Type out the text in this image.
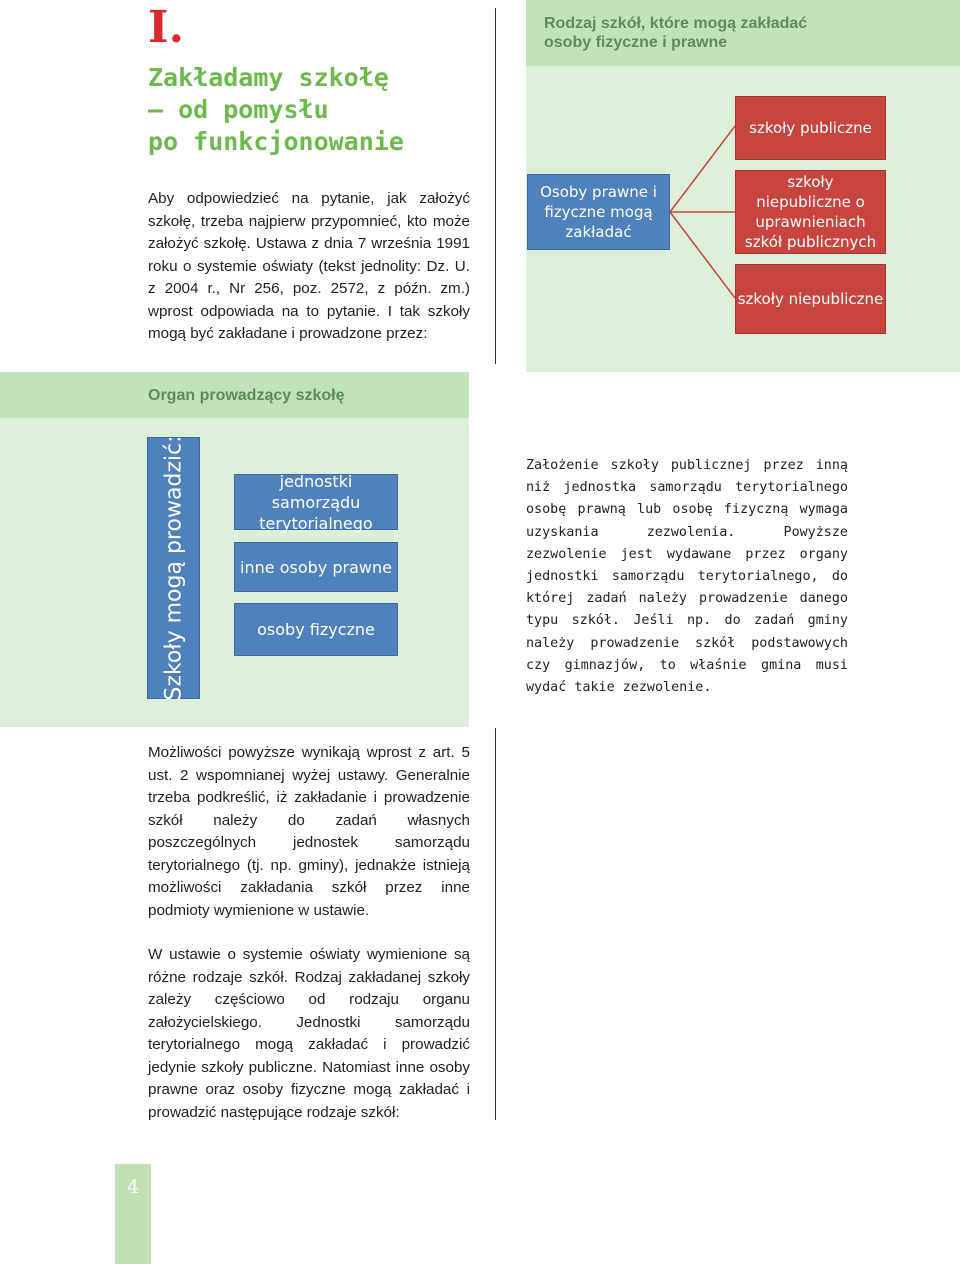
I.
Zakładamy szkołę
– od pomysłu
po funkcjonowanie
Aby odpowiedzieć na pytanie, jak założyć szkołę, trzeba najpierw przypomnieć, kto może założyć szkołę. Ustawa z dnia 7 września 1991 roku o systemie oświaty (tekst jednolity: Dz. U. z 2004 r., Nr 256, poz. 2572, z późn. zm.) wprost odpowiada na to pytanie. I tak szkoły mogą być zakładane i prowadzone przez:
Rodzaj szkół, które mogą zakładać
osoby fizyczne i prawne
Osoby prawne i fizyczne mogą zakładać
szkoły publiczne
szkoły niepubliczne o uprawnieniach szkół publicznych
szkoły niepubliczne
Organ prowadzący szkołę
Szkoły mogą prowadzić:	jednostki samorządu terytorialnego
inne osoby prawne
osoby fizyczne
Założenie szkoły publicznej przez inną niż jednostka samorządu terytorialnego osobę prawną lub osobę fizyczną wymaga uzyskania zezwolenia. Powyższe zezwolenie jest wydawane przez organy jednostki samorządu terytorialnego, do której zadań należy prowadzenie danego typu szkół. Jeśli np. do zadań gminy należy prowadzenie szkół podstawowych czy gimnazjów, to właśnie gmina musi wydać takie zezwolenie.
Możliwości powyższe wynikają wprost z art. 5 ust. 2 wspomnianej wyżej ustawy. Generalnie trzeba podkreślić, iż zakładanie i prowadzenie szkół należy do zadań własnych poszczególnych jednostek samorządu terytorialnego (tj. np. gminy), jednakże istnieją możliwości zakładania szkół przez inne podmioty wymienione w ustawie.
W ustawie o systemie oświaty wymienione są różne rodzaje szkół. Rodzaj zakładanej szkoły zależy częściowo od rodzaju organu założycielskiego. Jednostki samorządu terytorialnego mogą zakładać i prowadzić jedynie szkoły publiczne. Natomiast inne osoby prawne oraz osoby fizyczne mogą zakładać i prowadzić następujące rodzaje szkół:
4
